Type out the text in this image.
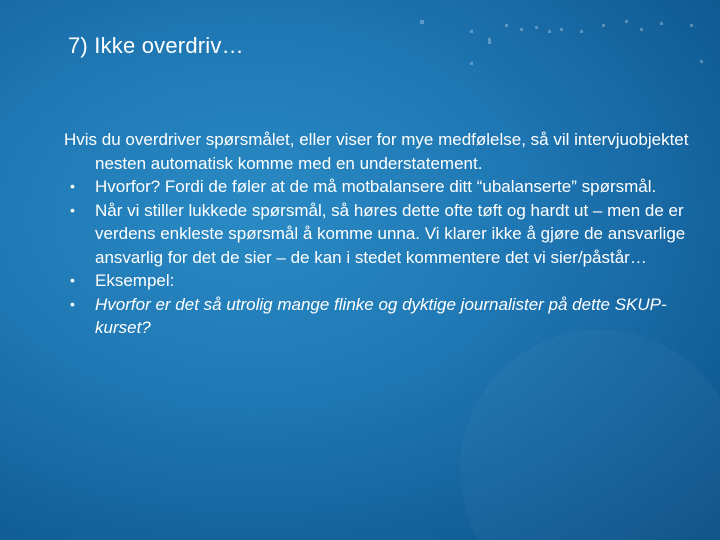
7) Ikke overdriv…

Hvis du overdriver spørsmålet, eller viser for mye medfølelse, så vil intervjuobjektet nesten automatisk komme med en understatement.

• Hvorfor? Fordi de føler at de må motbalansere ditt “ubalanserte” spørsmål.
• Når vi stiller lukkede spørsmål, så høres dette ofte tøft og hardt ut – men de er verdens enkleste spørsmål å komme unna. Vi klarer ikke å gjøre de ansvarlige ansvarlig for det de sier – de kan i stedet kommentere det vi sier/påstår…
• Eksempel:
• Hvorfor er det så utrolig mange flinke og dyktige journalister på dette SKUP-kurset?
